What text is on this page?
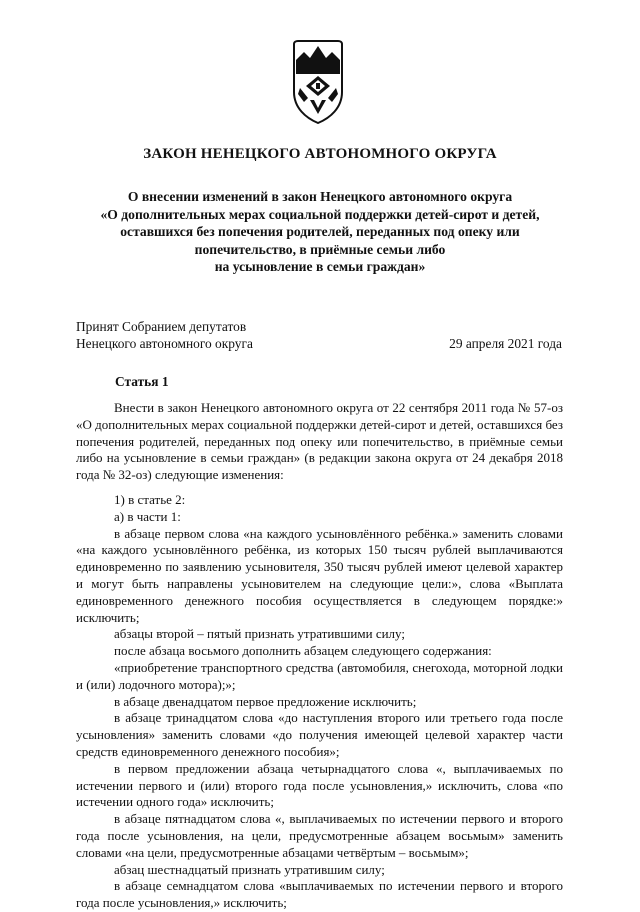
ЗАКОН НЕНЕЦКОГО АВТОНОМНОГО ОКРУГА
О внесении изменений в закон Ненецкого автономного округа
«О дополнительных мерах социальной поддержки детей-сирот и детей,
оставшихся без попечения родителей, переданных под опеку или
попечительство, в приёмные семьи либо
на усыновление в семьи граждан»
Принят Собранием депутатов
Ненецкого автономного округа	29 апреля 2021 года
Статья 1

Внести в закон Ненецкого автономного округа от 22 сентября 2011 года № 57-оз «О дополнительных мерах социальной поддержки детей-сирот и детей, оставшихся без попечения родителей, переданных под опеку или попечительство, в приёмные семьи либо на усыновление в семьи граждан» (в редакции закона округа от 24 декабря 2018 года № 32-оз) следующие изменения:

1) в статье 2:

а) в части 1:

в абзаце первом слова «на каждого усыновлённого ребёнка.» заменить словами «на каждого усыновлённого ребёнка, из которых 150 тысяч рублей выплачиваются единовременно по заявлению усыновителя, 350 тысяч рублей имеют целевой характер и могут быть направлены усыновителем на следующие цели:», слова «Выплата единовременного денежного пособия осуществляется в следующем порядке:» исключить;

абзацы второй – пятый признать утратившими силу;

после абзаца восьмого дополнить абзацем следующего содержания:

«приобретение транспортного средства (автомобиля, снегохода, моторной лодки и (или) лодочного мотора);»;

в абзаце двенадцатом первое предложение исключить;

в абзаце тринадцатом слова «до наступления второго или третьего года после усыновления» заменить словами «до получения имеющей целевой характер части средств единовременного денежного пособия»;

в первом предложении абзаца четырнадцатого слова «, выплачиваемых по истечении первого и (или) второго года после усыновления,» исключить, слова «по истечении одного года» исключить;

в абзаце пятнадцатом слова «, выплачиваемых по истечении первого и второго года после усыновления, на цели, предусмотренные абзацем восьмым» заменить словами «на цели, предусмотренные абзацами четвёртым – восьмым»;

абзац шестнадцатый признать утратившим силу;

в абзаце семнадцатом слова «выплачиваемых по истечении первого и второго года после усыновления,» исключить;
